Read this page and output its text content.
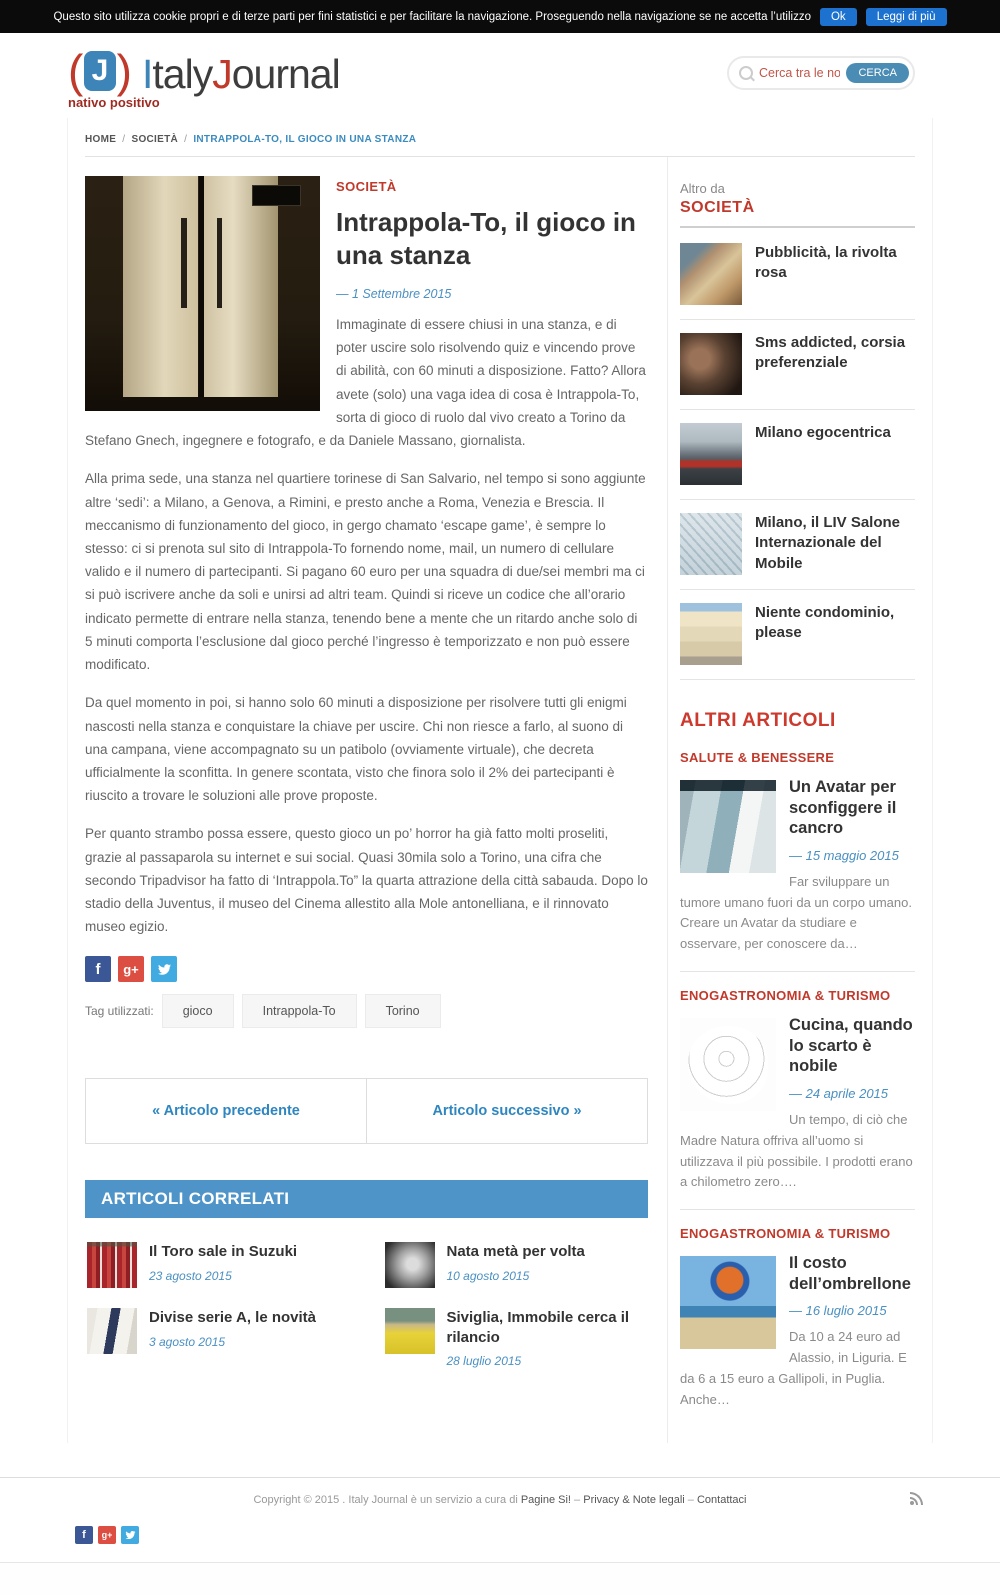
Questo sito utilizza cookie propri e di terze parti per fini statistici e per facilitare la navigazione. Proseguendo nella navigazione se ne accetta l’utilizzo	Ok	Leggi di più
( J ) ItalyJournal
nativo positivo
Cerca tra le notizie
CERCA
HOME / SOCIETÀ / INTRAPPOLA-TO, IL GIOCO IN UNA STANZA
SOCIETÀ
Intrappola-To, il gioco in una stanza
— 1 Settembre 2015

Immaginate di essere chiusi in una stanza, e di poter uscire solo risolvendo quiz e vincendo prove di abilità, con 60 minuti a disposizione. Fatto? Allora avete (solo) una vaga idea di cosa è Intrappola-To, sorta di gioco di ruolo dal vivo creato a Torino da Stefano Gnech, ingegnere e fotografo, e da Daniele Massano, giornalista.

Alla prima sede, una stanza nel quartiere torinese di San Salvario, nel tempo si sono aggiunte altre ‘sedi’: a Milano, a Genova, a Rimini, e presto anche a Roma, Venezia e Brescia. Il meccanismo di funzionamento del gioco, in gergo chamato ‘escape game’, è sempre lo stesso: ci si prenota sul sito di Intrappola-To fornendo nome, mail, un numero di cellulare valido e il numero di partecipanti. Si pagano 60 euro per una squadra di due/sei membri ma ci si può iscrivere anche da soli e unirsi ad altri team. Quindi si riceve un codice che all’orario indicato permette di entrare nella stanza, tenendo bene a mente che un ritardo anche solo di 5 minuti comporta l’esclusione dal gioco perché l’ingresso è temporizzato e non può essere modificato.

Da quel momento in poi, si hanno solo 60 minuti a disposizione per risolvere tutti gli enigmi nascosti nella stanza e conquistare la chiave per uscire. Chi non riesce a farlo, al suono di una campana, viene accompagnato su un patibolo (ovviamente virtuale), che decreta ufficialmente la sconfitta. In genere scontata, visto che finora solo il 2% dei partecipanti è riuscito a trovare le soluzioni alle prove proposte.

Per quanto strambo possa essere, questo gioco un po’ horror ha già fatto molti proseliti, grazie al passaparola su internet e sui social. Quasi 30mila solo a Torino, una cifra che secondo Tripadvisor ha fatto di ‘Intrappola.To” la quarta attrazione della città sabauda. Dopo lo stadio della Juventus, il museo del Cinema allestito alla Mole antonelliana, e il rinnovato museo egizio.

f	g+
Tag utilizzati:	gioco	Intrappola-To	Torino
« Articolo precedente	Articolo successivo »
ARTICOLI CORRELATI
Il Toro sale in Suzuki
23 agosto 2015
Nata metà per volta
10 agosto 2015
Divise serie A, le novità
3 agosto 2015
Siviglia, Immobile cerca il rilancio
28 luglio 2015
Altro da
SOCIETÀ
Pubblicità, la rivolta rosa
Sms addicted, corsia preferenziale
Milano egocentrica
Milano, il LIV Salone Internazionale del Mobile
Niente condominio, please
ALTRI ARTICOLI
SALUTE & BENESSERE
Un Avatar per sconfiggere il cancro
— 15 maggio 2015
Far sviluppare un tumore umano fuori da un corpo umano. Creare un Avatar da studiare e osservare, per conoscere da…
ENOGASTRONOMIA & TURISMO
Cucina, quando lo scarto è nobile
— 24 aprile 2015
Un tempo, di ciò che Madre Natura offriva all’uomo si utilizzava il più possibile. I prodotti erano a chilometro zero….
ENOGASTRONOMIA & TURISMO
Il costo dell’ombrellone
— 16 luglio 2015
Da 10 a 24 euro ad Alassio, in Liguria. E da 6 a 15 euro a Gallipoli, in Puglia. Anche…
Copyright © 2015 . Italy Journal è un servizio a cura di Pagine Si! – Privacy & Note legali – Contattaci
f	g+
